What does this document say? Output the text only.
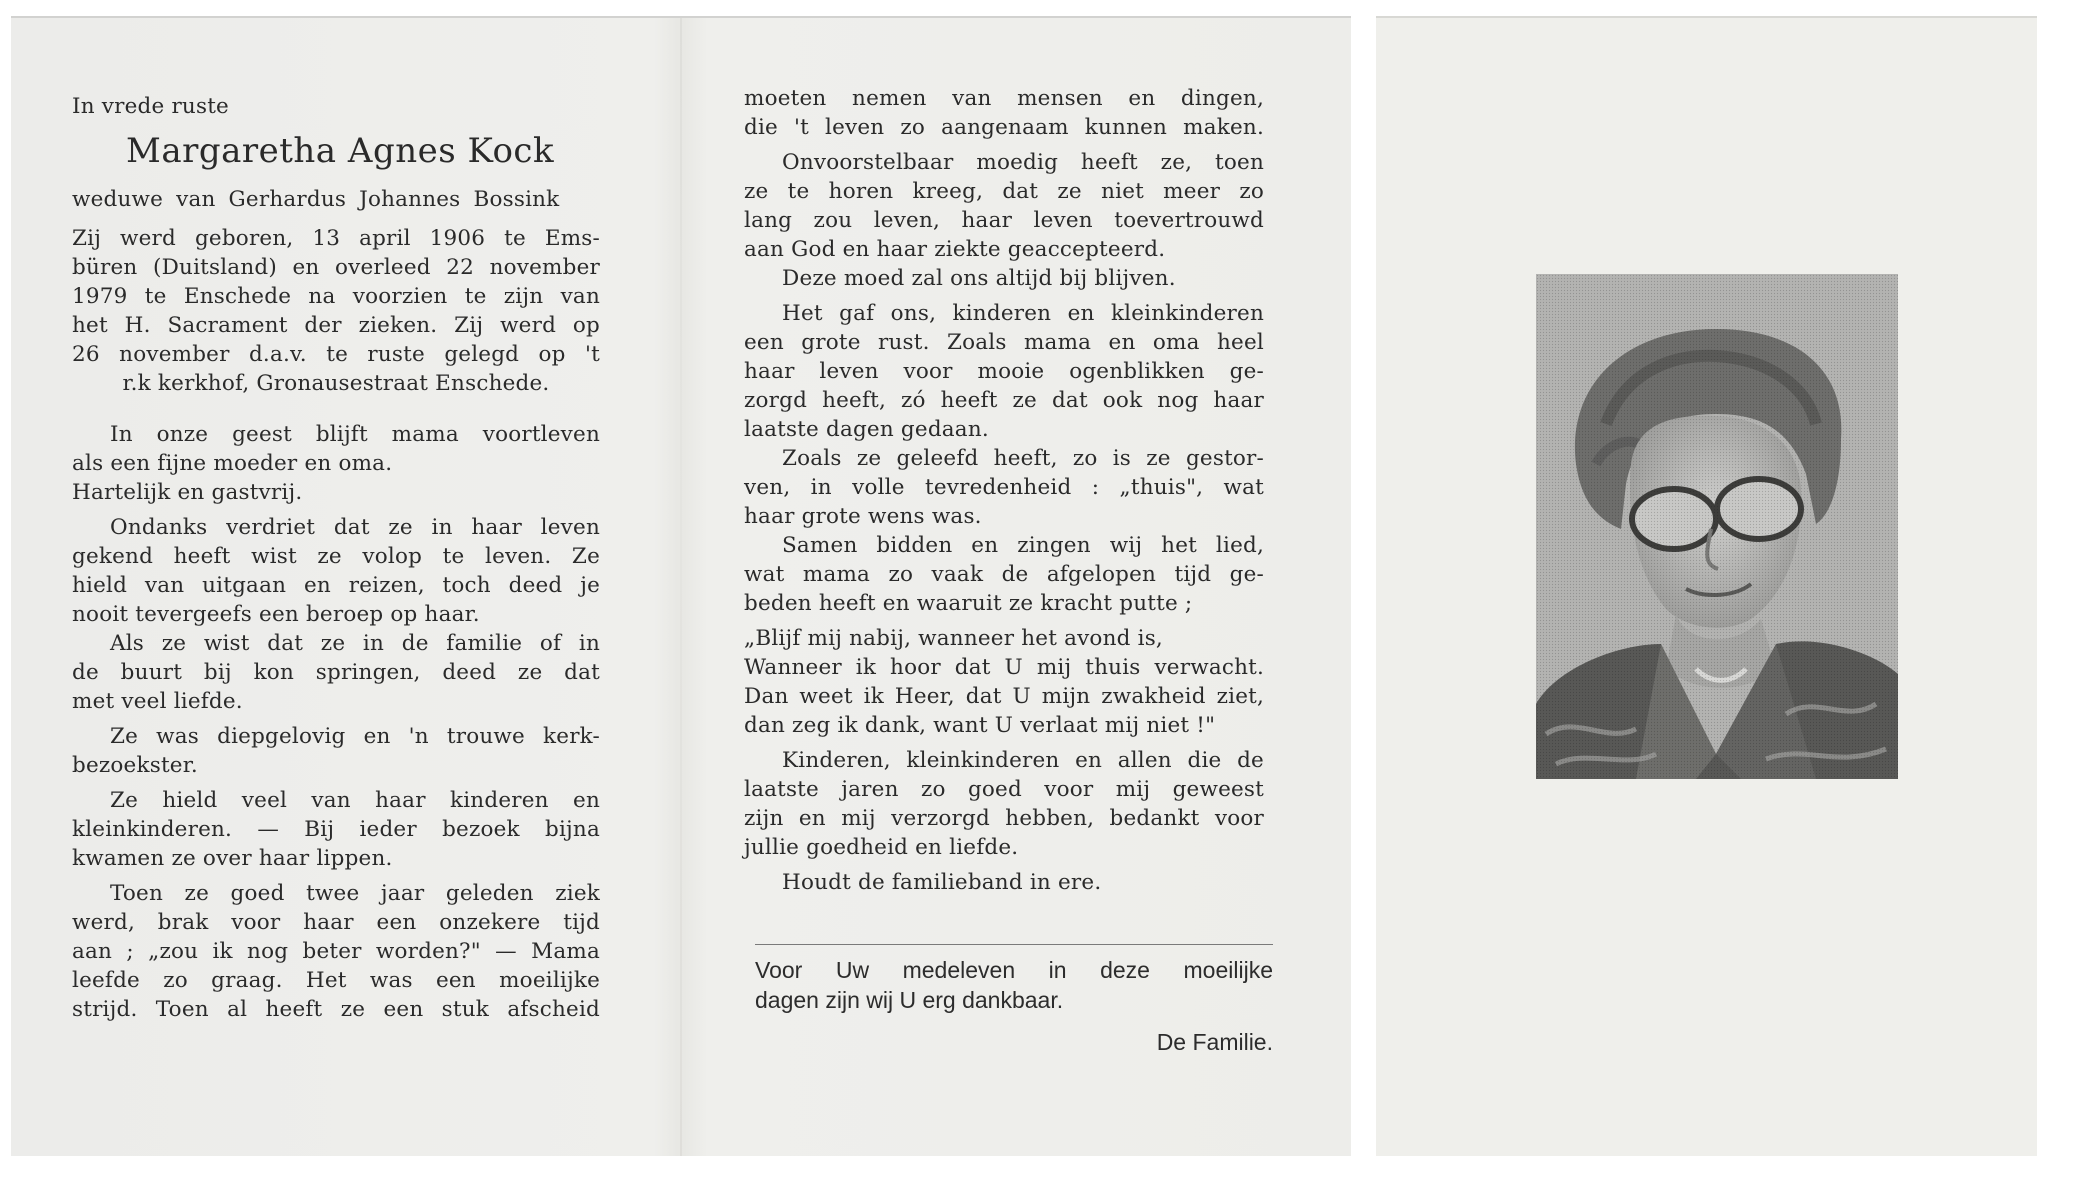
In vrede ruste
Margaretha Agnes Kock
weduwe van Gerhardus Johannes Bossink
Zij werd geboren, 13 april 1906 te Ems-
büren (Duitsland) en overleed 22 november
1979 te Enschede na voorzien te zijn van
het H. Sacrament der zieken. Zij werd op
26 november d.a.v. te ruste gelegd op 't
r.k kerkhof, Gronausestraat Enschede.
In onze geest blijft mama voortleven
als een fijne moeder en oma.
Hartelijk en gastvrij.
Ondanks verdriet dat ze in haar leven
gekend heeft wist ze volop te leven. Ze
hield van uitgaan en reizen, toch deed je
nooit tevergeefs een beroep op haar.
Als ze wist dat ze in de familie of in
de buurt bij kon springen, deed ze dat
met veel liefde.
Ze was diepgelovig en 'n trouwe kerk-
bezoekster.
Ze hield veel van haar kinderen en
kleinkinderen. — Bij ieder bezoek bijna
kwamen ze over haar lippen.
Toen ze goed twee jaar geleden ziek
werd, brak voor haar een onzekere tijd
aan ; „zou ik nog beter worden?" — Mama
leefde zo graag. Het was een moeilijke
strijd. Toen al heeft ze een stuk afscheid
moeten nemen van mensen en dingen,
die 't leven zo aangenaam kunnen maken.
Onvoorstelbaar moedig heeft ze, toen
ze te horen kreeg, dat ze niet meer zo
lang zou leven, haar leven toevertrouwd
aan God en haar ziekte geaccepteerd.
Deze moed zal ons altijd bij blijven.
Het gaf ons, kinderen en kleinkinderen
een grote rust. Zoals mama en oma heel
haar leven voor mooie ogenblikken ge-
zorgd heeft, zó heeft ze dat ook nog haar
laatste dagen gedaan.
Zoals ze geleefd heeft, zo is ze gestor-
ven, in volle tevredenheid : „thuis", wat
haar grote wens was.
Samen bidden en zingen wij het lied,
wat mama zo vaak de afgelopen tijd ge-
beden heeft en waaruit ze kracht putte ;
„Blijf mij nabij, wanneer het avond is,
Wanneer ik hoor dat U mij thuis verwacht.
Dan weet ik Heer, dat U mijn zwakheid ziet,
dan zeg ik dank, want U verlaat mij niet !"
Kinderen, kleinkinderen en allen die de
laatste jaren zo goed voor mij geweest
zijn en mij verzorgd hebben, bedankt voor
jullie goedheid en liefde.
Houdt de familieband in ere.
Voor Uw medeleven in deze moeilijke
dagen zijn wij U erg dankbaar.
De Familie.
